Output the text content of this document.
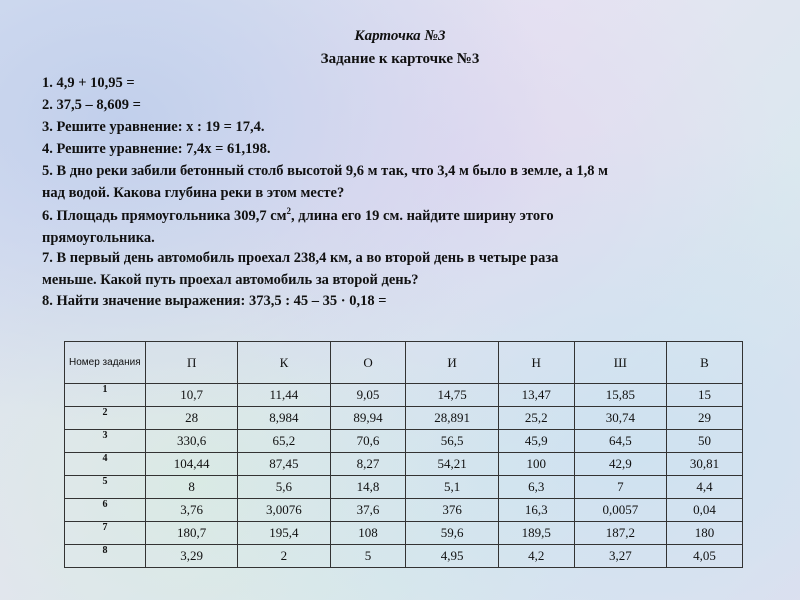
Карточка №3
Задание к карточке №3
1. 4,9 + 10,95 =
2. 37,5 – 8,609 =
3. Решите уравнение: x : 19 = 17,4.
4. Решите уравнение: 7,4x = 61,198.
5. В дно реки забили бетонный столб высотой 9,6 м так, что 3,4 м было в земле, а 1,8 м
над водой. Какова глубина реки в этом месте?
6. Площадь прямоугольника 309,7 $см^2$, длина его 19 см. найдите ширину этого
прямоугольника.
7. В первый день автомобиль проехал 238,4 км, а во второй день в четыре раза
меньше. Какой путь проехал автомобиль за второй день?
8. Найти значение выражения: 373,5 : 45 – 35 · 0,18 =
Номер задания	П	К	О	И	Н	Ш	В
1	10,7	11,44	9,05	14,75	13,47	15,85	15
2	28	8,984	89,94	28,891	25,2	30,74	29
3	330,6	65,2	70,6	56,5	45,9	64,5	50
4	104,44	87,45	8,27	54,21	100	42,9	30,81
5	8	5,6	14,8	5,1	6,3	7	4,4
6	3,76	3,0076	37,6	376	16,3	0,0057	0,04
7	180,7	195,4	108	59,6	189,5	187,2	180
8	3,29	2	5	4,95	4,2	3,27	4,05
